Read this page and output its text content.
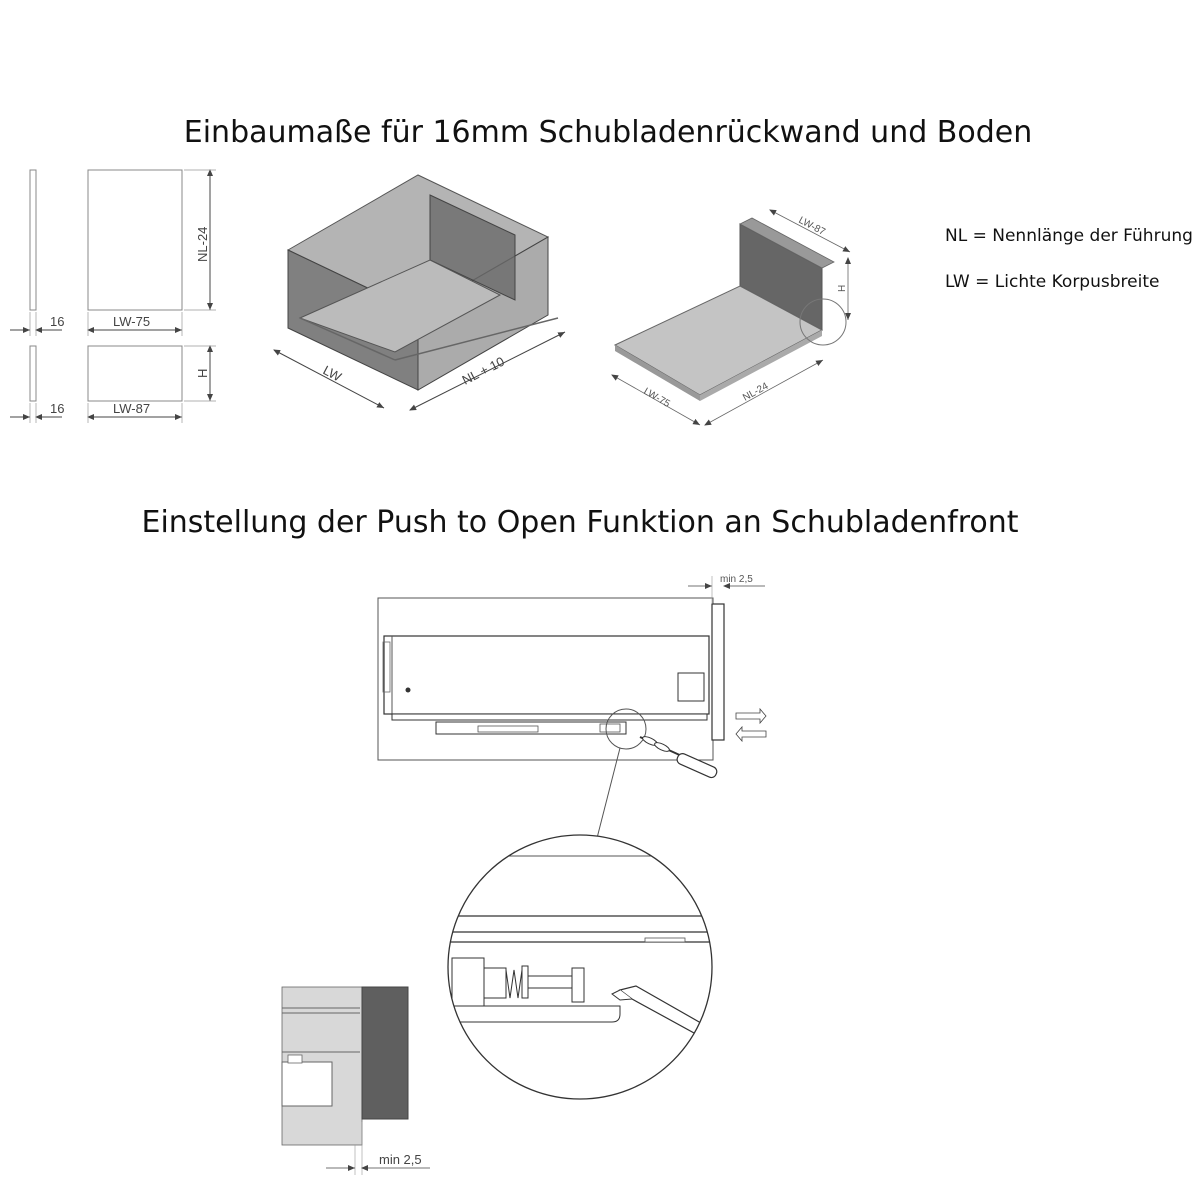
Einbaumaße für 16mm Schubladenrückwand und Boden
Einstellung der Push to Open Funktion an Schubladenfront
NL = Nennlänge der Führung
LW = Lichte Korpusbreite
NL-24
LW-75
16
H
LW-87
16
LW	NL + 10
LW-87
H
LW-75	NL-24
min 2,5
min 2,5
